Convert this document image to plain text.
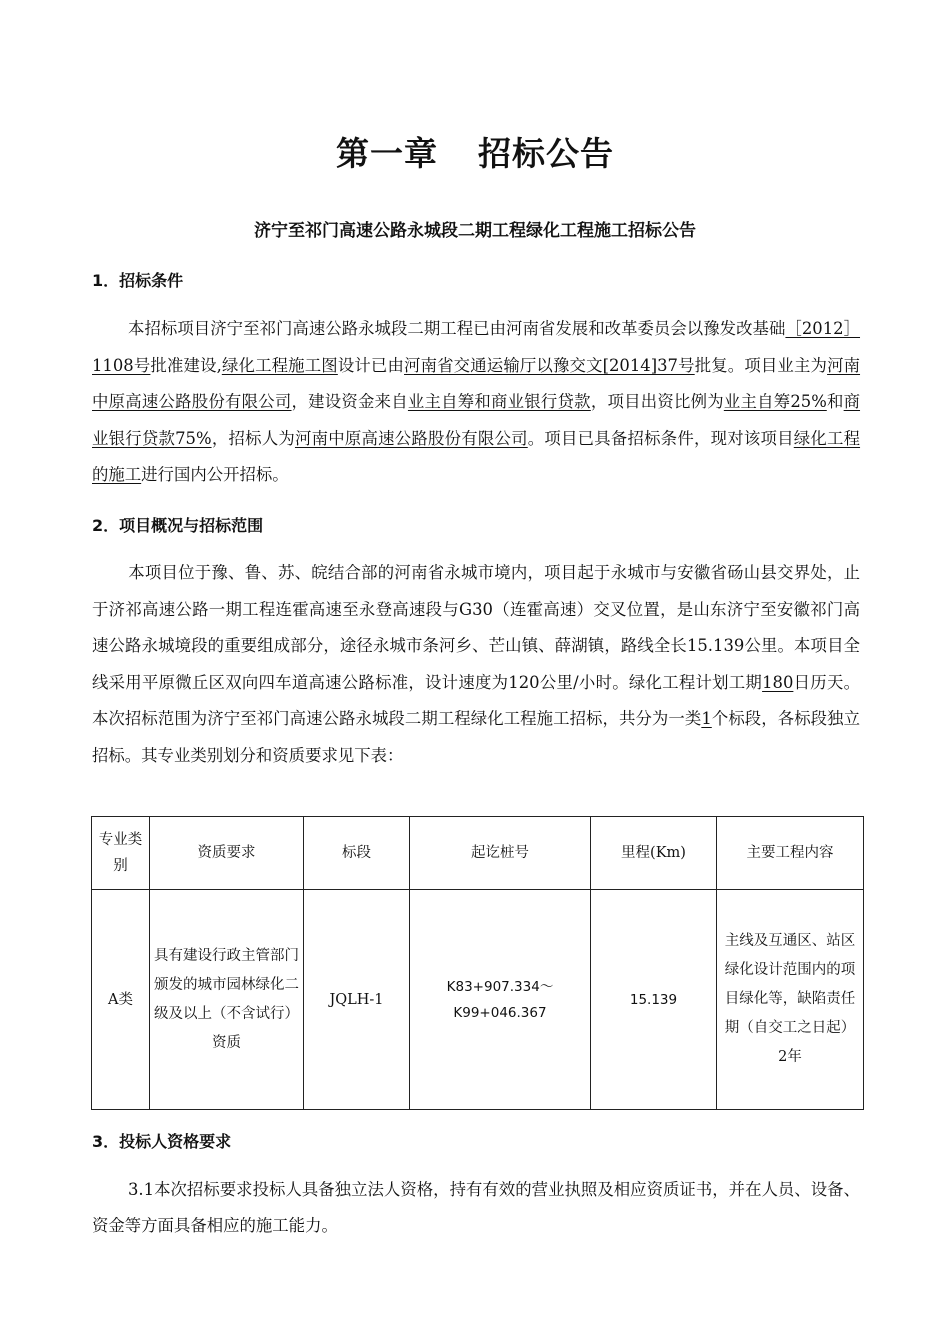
第一章 招标公告
济宁至祁门高速公路永城段二期工程绿化工程施工招标公告
1．招标条件
本招标项目济宁至祁门高速公路永城段二期工程已由河南省发展和改革委员会以豫发改基础［2012］1108号批准建设,绿化工程施工图设计已由河南省交通运输厅以豫交文[2014]37号批复。项目业主为河南中原高速公路股份有限公司，建设资金来自业主自筹和商业银行贷款，项目出资比例为业主自筹25%和商业银行贷款75%，招标人为河南中原高速公路股份有限公司。项目已具备招标条件，现对该项目绿化工程的施工进行国内公开招标。
2．项目概况与招标范围
本项目位于豫、鲁、苏、皖结合部的河南省永城市境内，项目起于永城市与安徽省砀山县交界处，止于济祁高速公路一期工程连霍高速至永登高速段与G30（连霍高速）交叉位置，是山东济宁至安徽祁门高速公路永城境段的重要组成部分，途径永城市条河乡、芒山镇、薛湖镇，路线全长15.139公里。本项目全线采用平原微丘区双向四车道高速公路标准，设计速度为120公里/小时。绿化工程计划工期180日历天。本次招标范围为济宁至祁门高速公路永城段二期工程绿化工程施工招标，共分为一类1个标段，各标段独立招标。其专业类别划分和资质要求见下表：
专业类别	资质要求	标段	起讫桩号	里程(Km)	主要工程内容
A类	具有建设行政主管部门颁发的城市园林绿化二级及以上（不含试行）资质	JQLH-1	K83+907.334～K99+046.367	15.139	主线及互通区、站区绿化设计范围内的项目绿化等，缺陷责任期（自交工之日起）2年
3．投标人资格要求
3.1本次招标要求投标人具备独立法人资格，持有有效的营业执照及相应资质证书，并在人员、设备、资金等方面具备相应的施工能力。
